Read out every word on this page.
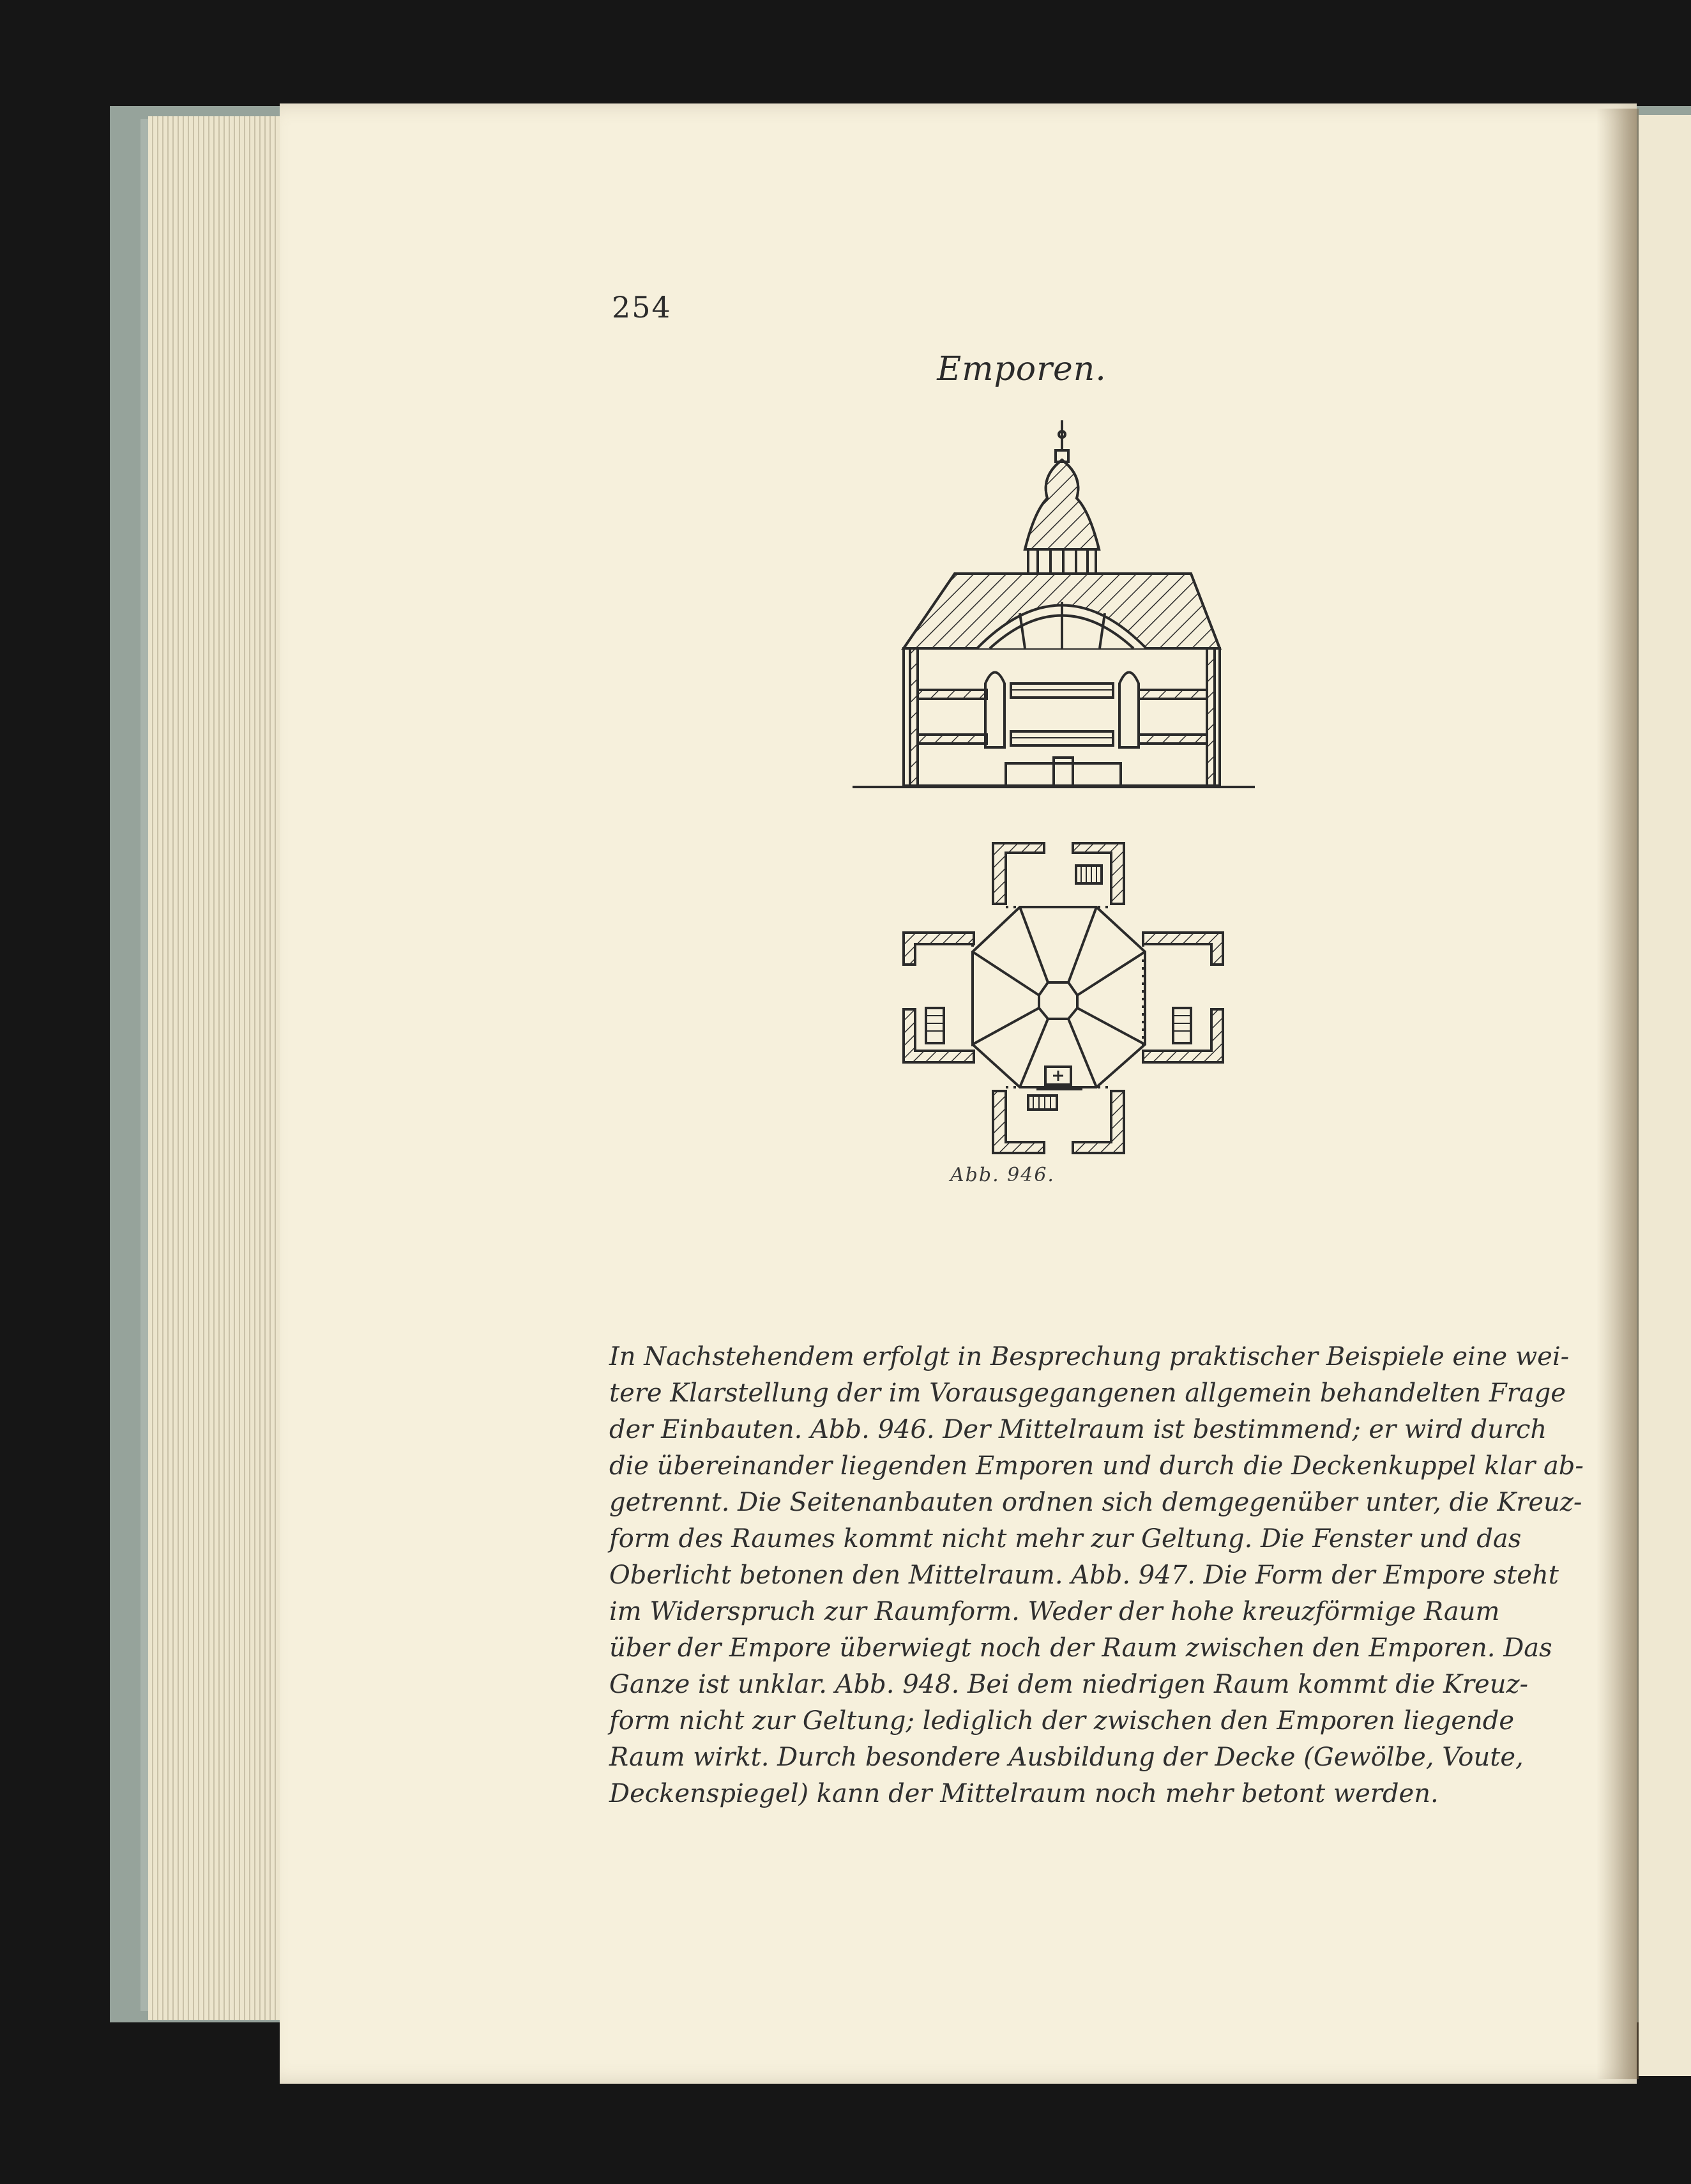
254
Emporen.
Abb. 946.
In Nachstehendem erfolgt in Besprechung praktischer Beispiele eine wei-
tere Klarstellung der im Vorausgegangenen allgemein behandelten Frage
der Einbauten. Abb. 946. Der Mittelraum ist bestimmend; er wird durch
die übereinander liegenden Emporen und durch die Deckenkuppel klar ab-
getrennt. Die Seitenanbauten ordnen sich demgegenüber unter, die Kreuz-
form des Raumes kommt nicht mehr zur Geltung. Die Fenster und das
Oberlicht betonen den Mittelraum. Abb. 947. Die Form der Empore steht
im Widerspruch zur Raumform. Weder der hohe kreuzförmige Raum
über der Empore überwiegt noch der Raum zwischen den Emporen. Das
Ganze ist unklar. Abb. 948. Bei dem niedrigen Raum kommt die Kreuz-
form nicht zur Geltung; lediglich der zwischen den Emporen liegende
Raum wirkt. Durch besondere Ausbildung der Decke (Gewölbe, Voute,
Deckenspiegel) kann der Mittelraum noch mehr betont werden.
